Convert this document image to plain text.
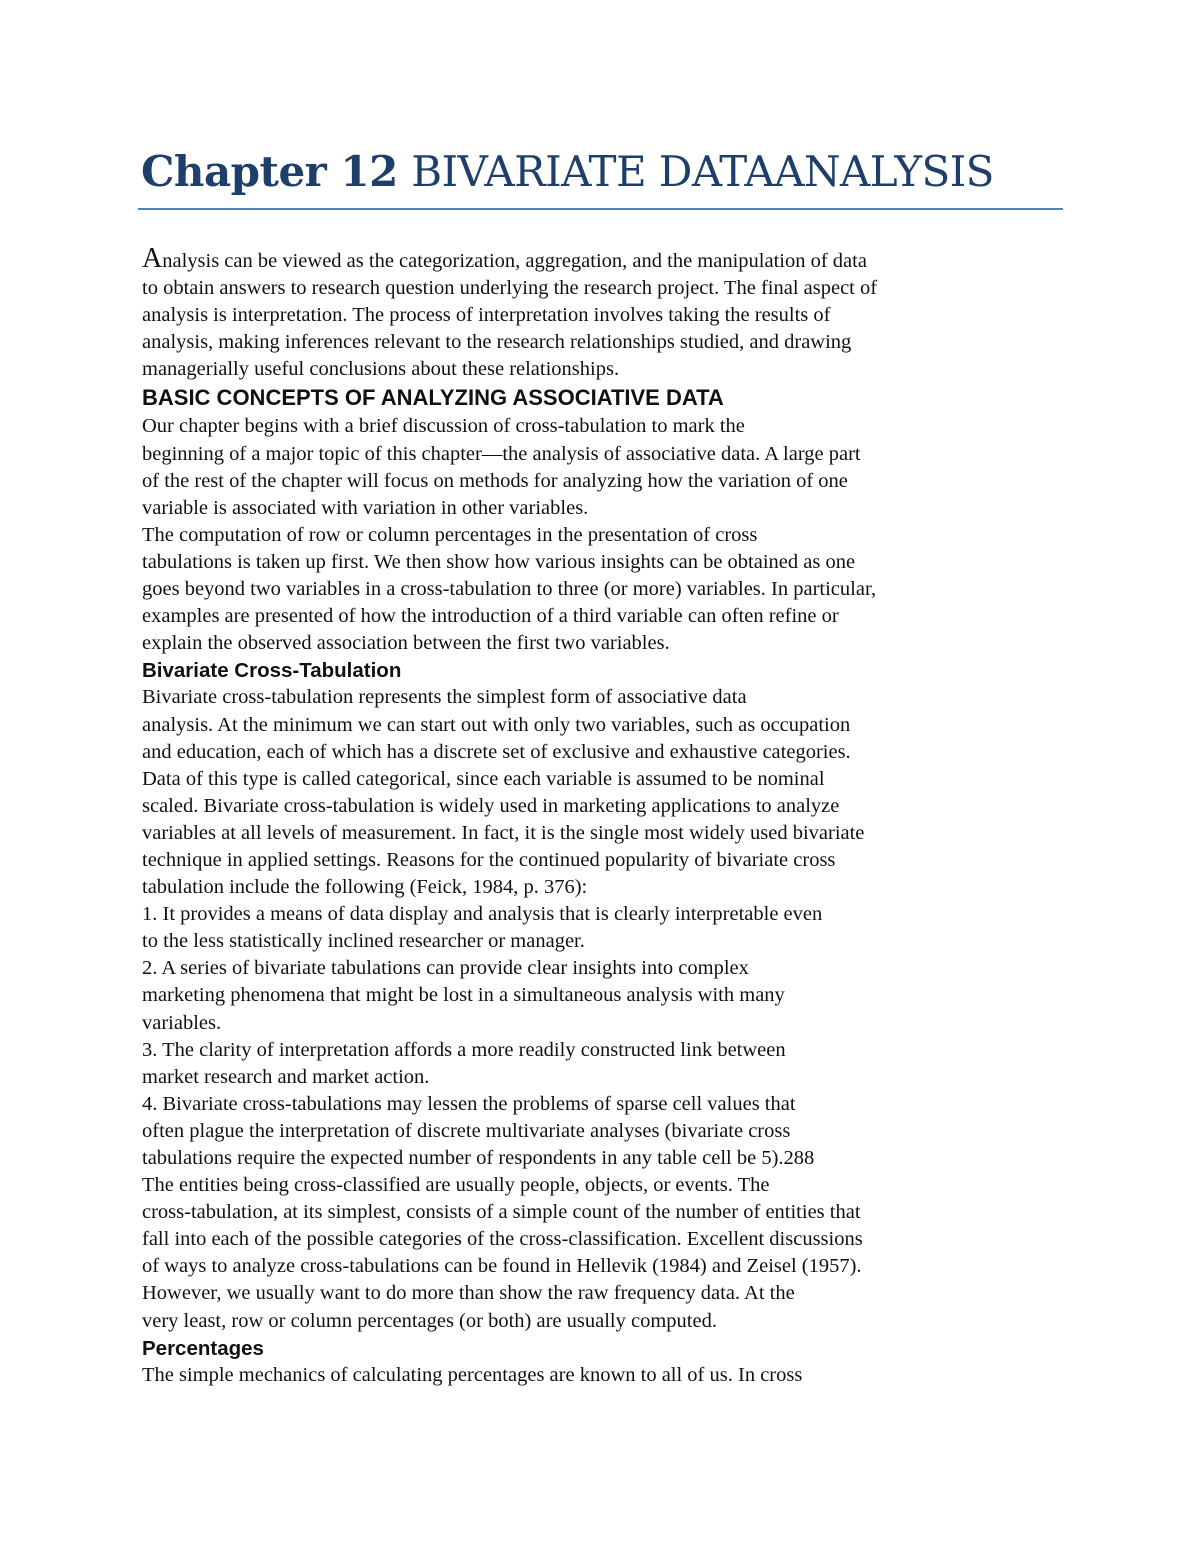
Chapter 12 BIVARIATE DATAANALYSIS

Analysis can be viewed as the categorization, aggregation, and the manipulation of data
to obtain answers to research question underlying the research project. The final aspect of
analysis is interpretation. The process of interpretation involves taking the results of
analysis, making inferences relevant to the research relationships studied, and drawing
managerially useful conclusions about these relationships.

BASIC CONCEPTS OF ANALYZING ASSOCIATIVE DATA

Our chapter begins with a brief discussion of cross-tabulation to mark the
beginning of a major topic of this chapter—the analysis of associative data. A large part
of the rest of the chapter will focus on methods for analyzing how the variation of one
variable is associated with variation in other variables.

The computation of row or column percentages in the presentation of cross
tabulations is taken up first. We then show how various insights can be obtained as one
goes beyond two variables in a cross-tabulation to three (or more) variables. In particular,
examples are presented of how the introduction of a third variable can often refine or
explain the observed association between the first two variables.

Bivariate Cross-Tabulation

Bivariate cross-tabulation represents the simplest form of associative data
analysis. At the minimum we can start out with only two variables, such as occupation
and education, each of which has a discrete set of exclusive and exhaustive categories.
Data of this type is called categorical, since each variable is assumed to be nominal
scaled. Bivariate cross-tabulation is widely used in marketing applications to analyze
variables at all levels of measurement. In fact, it is the single most widely used bivariate
technique in applied settings. Reasons for the continued popularity of bivariate cross
tabulation include the following (Feick, 1984, p. 376):

1. It provides a means of data display and analysis that is clearly interpretable even
to the less statistically inclined researcher or manager.

2. A series of bivariate tabulations can provide clear insights into complex
marketing phenomena that might be lost in a simultaneous analysis with many
variables.

3. The clarity of interpretation affords a more readily constructed link between
market research and market action.

4. Bivariate cross-tabulations may lessen the problems of sparse cell values that
often plague the interpretation of discrete multivariate analyses (bivariate cross
tabulations require the expected number of respondents in any table cell be 5).288

The entities being cross-classified are usually people, objects, or events. The
cross-tabulation, at its simplest, consists of a simple count of the number of entities that
fall into each of the possible categories of the cross-classification. Excellent discussions
of ways to analyze cross-tabulations can be found in Hellevik (1984) and Zeisel (1957).
However, we usually want to do more than show the raw frequency data. At the
very least, row or column percentages (or both) are usually computed.

Percentages

The simple mechanics of calculating percentages are known to all of us. In cross
